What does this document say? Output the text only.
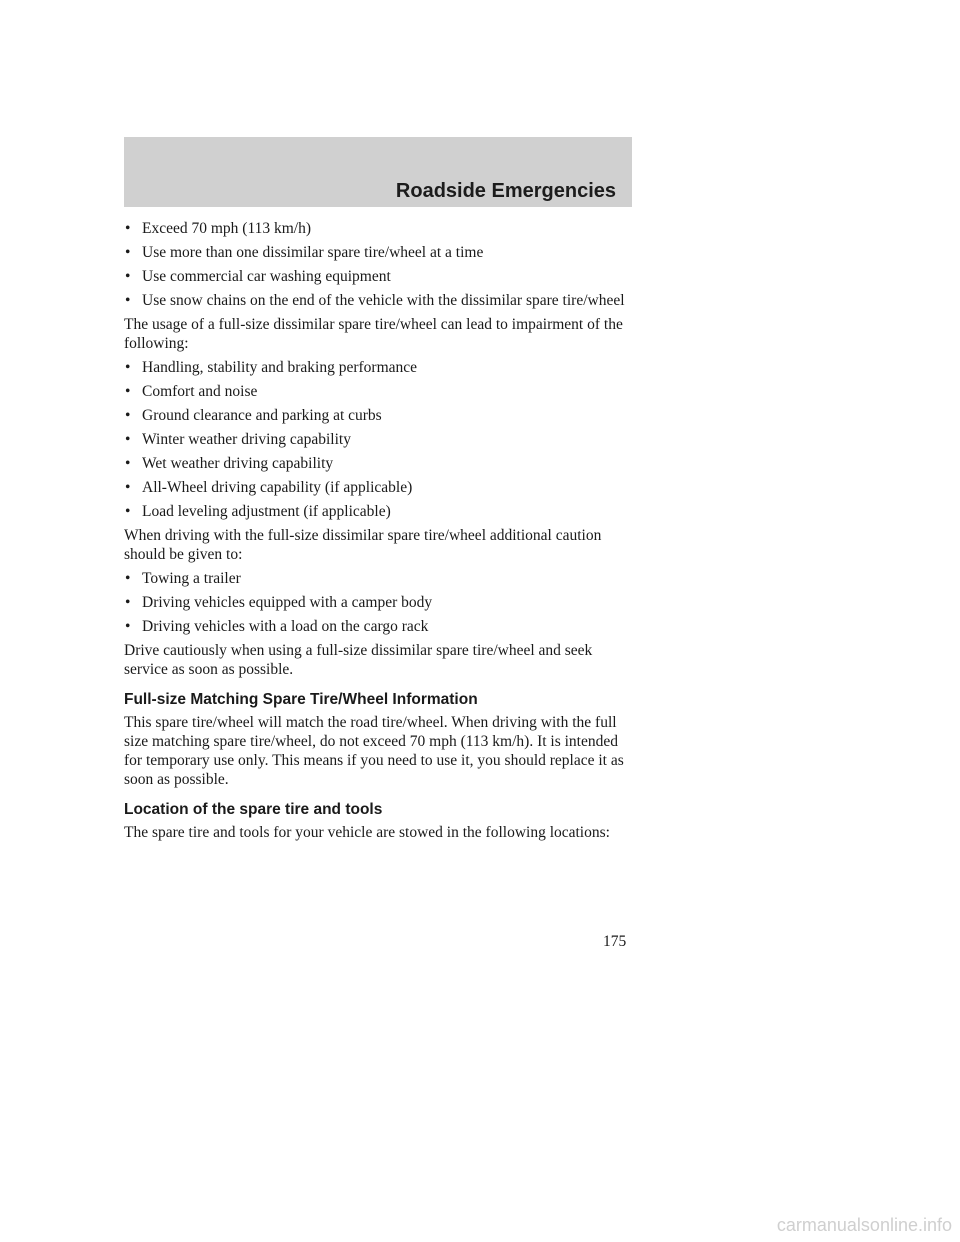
Roadside Emergencies
• Exceed 70 mph (113 km/h)
• Use more than one dissimilar spare tire/wheel at a time
• Use commercial car washing equipment
• Use snow chains on the end of the vehicle with the dissimilar spare tire/wheel

The usage of a full-size dissimilar spare tire/wheel can lead to impairment of the following:

• Handling, stability and braking performance
• Comfort and noise
• Ground clearance and parking at curbs
• Winter weather driving capability
• Wet weather driving capability
• All-Wheel driving capability (if applicable)
• Load leveling adjustment (if applicable)

When driving with the full-size dissimilar spare tire/wheel additional caution should be given to:

• Towing a trailer
• Driving vehicles equipped with a camper body
• Driving vehicles with a load on the cargo rack

Drive cautiously when using a full-size dissimilar spare tire/wheel and seek service as soon as possible.

Full-size Matching Spare Tire/Wheel Information

This spare tire/wheel will match the road tire/wheel. When driving with the full size matching spare tire/wheel, do not exceed 70 mph (113 km/h). It is intended for temporary use only. This means if you need to use it, you should replace it as soon as possible.

Location of the spare tire and tools

The spare tire and tools for your vehicle are stowed in the following locations:

175
carmanualsonline.info
